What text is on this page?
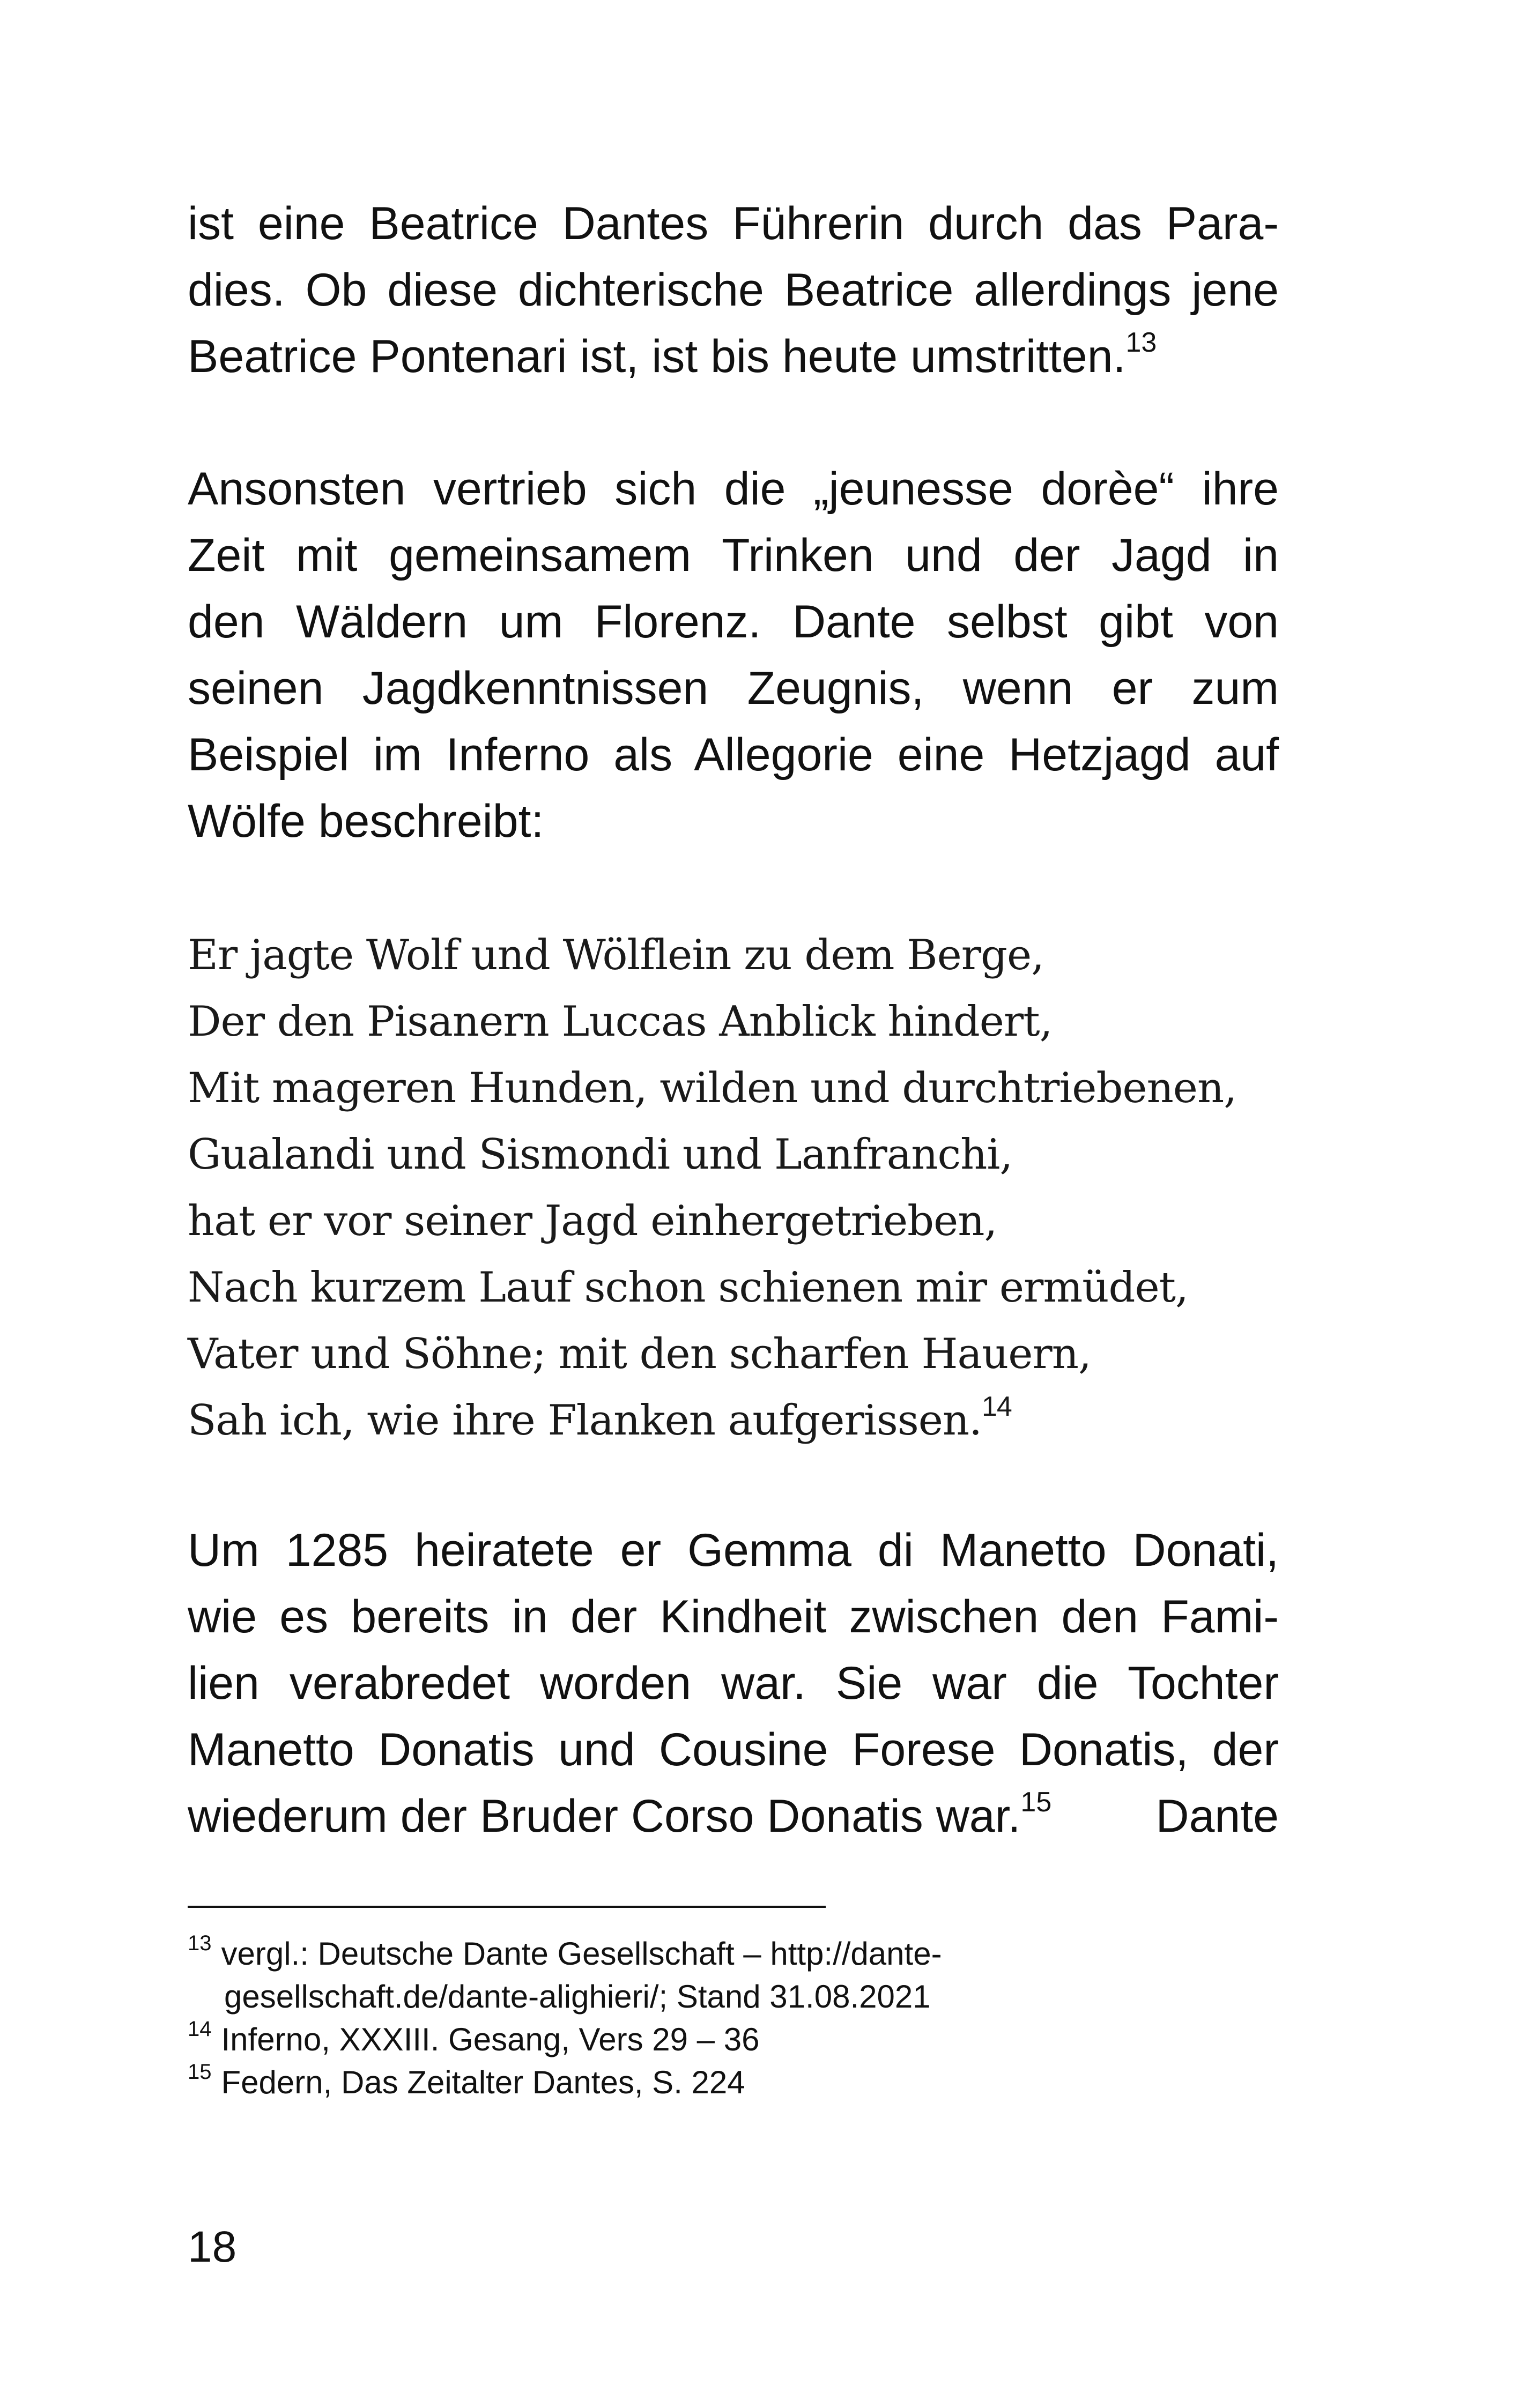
ist eine Beatrice Dantes Führerin durch das Para-
dies. Ob diese dichterische Beatrice allerdings jene
Beatrice Pontenari ist, ist bis heute umstritten.$^{13}$
Ansonsten vertrieb sich die „jeunesse dorèe“ ihre
Zeit mit gemeinsamem Trinken und der Jagd in
den Wäldern um Florenz. Dante selbst gibt von
seinen Jagdkenntnissen Zeugnis, wenn er zum
Beispiel im Inferno als Allegorie eine Hetzjagd auf
Wölfe beschreibt:
Er jagte Wolf und Wölflein zu dem Berge,
Der den Pisanern Luccas Anblick hindert,
Mit mageren Hunden, wilden und durchtriebenen,
Gualandi und Sismondi und Lanfranchi,
hat er vor seiner Jagd einhergetrieben,
Nach kurzem Lauf schon schienen mir ermüdet,
Vater und Söhne; mit den scharfen Hauern,
Sah ich, wie ihre Flanken aufgerissen.$^{14}$
Um 1285 heiratete er Gemma di Manetto Donati,
wie es bereits in der Kindheit zwischen den Fami-
lien verabredet worden war. Sie war die Tochter
Manetto Donatis und Cousine Forese Donatis, der
wiederum der Bruder Corso Donatis war.$^{15}$ Dante
$^{13}$ vergl.: Deutsche Dante Gesellschaft – http://dante-
gesellschaft.de/dante-alighieri/; Stand 31.08.2021
$^{14}$ Inferno, XXXIII. Gesang, Vers 29 – 36
$^{15}$ Federn, Das Zeitalter Dantes, S. 224
18
